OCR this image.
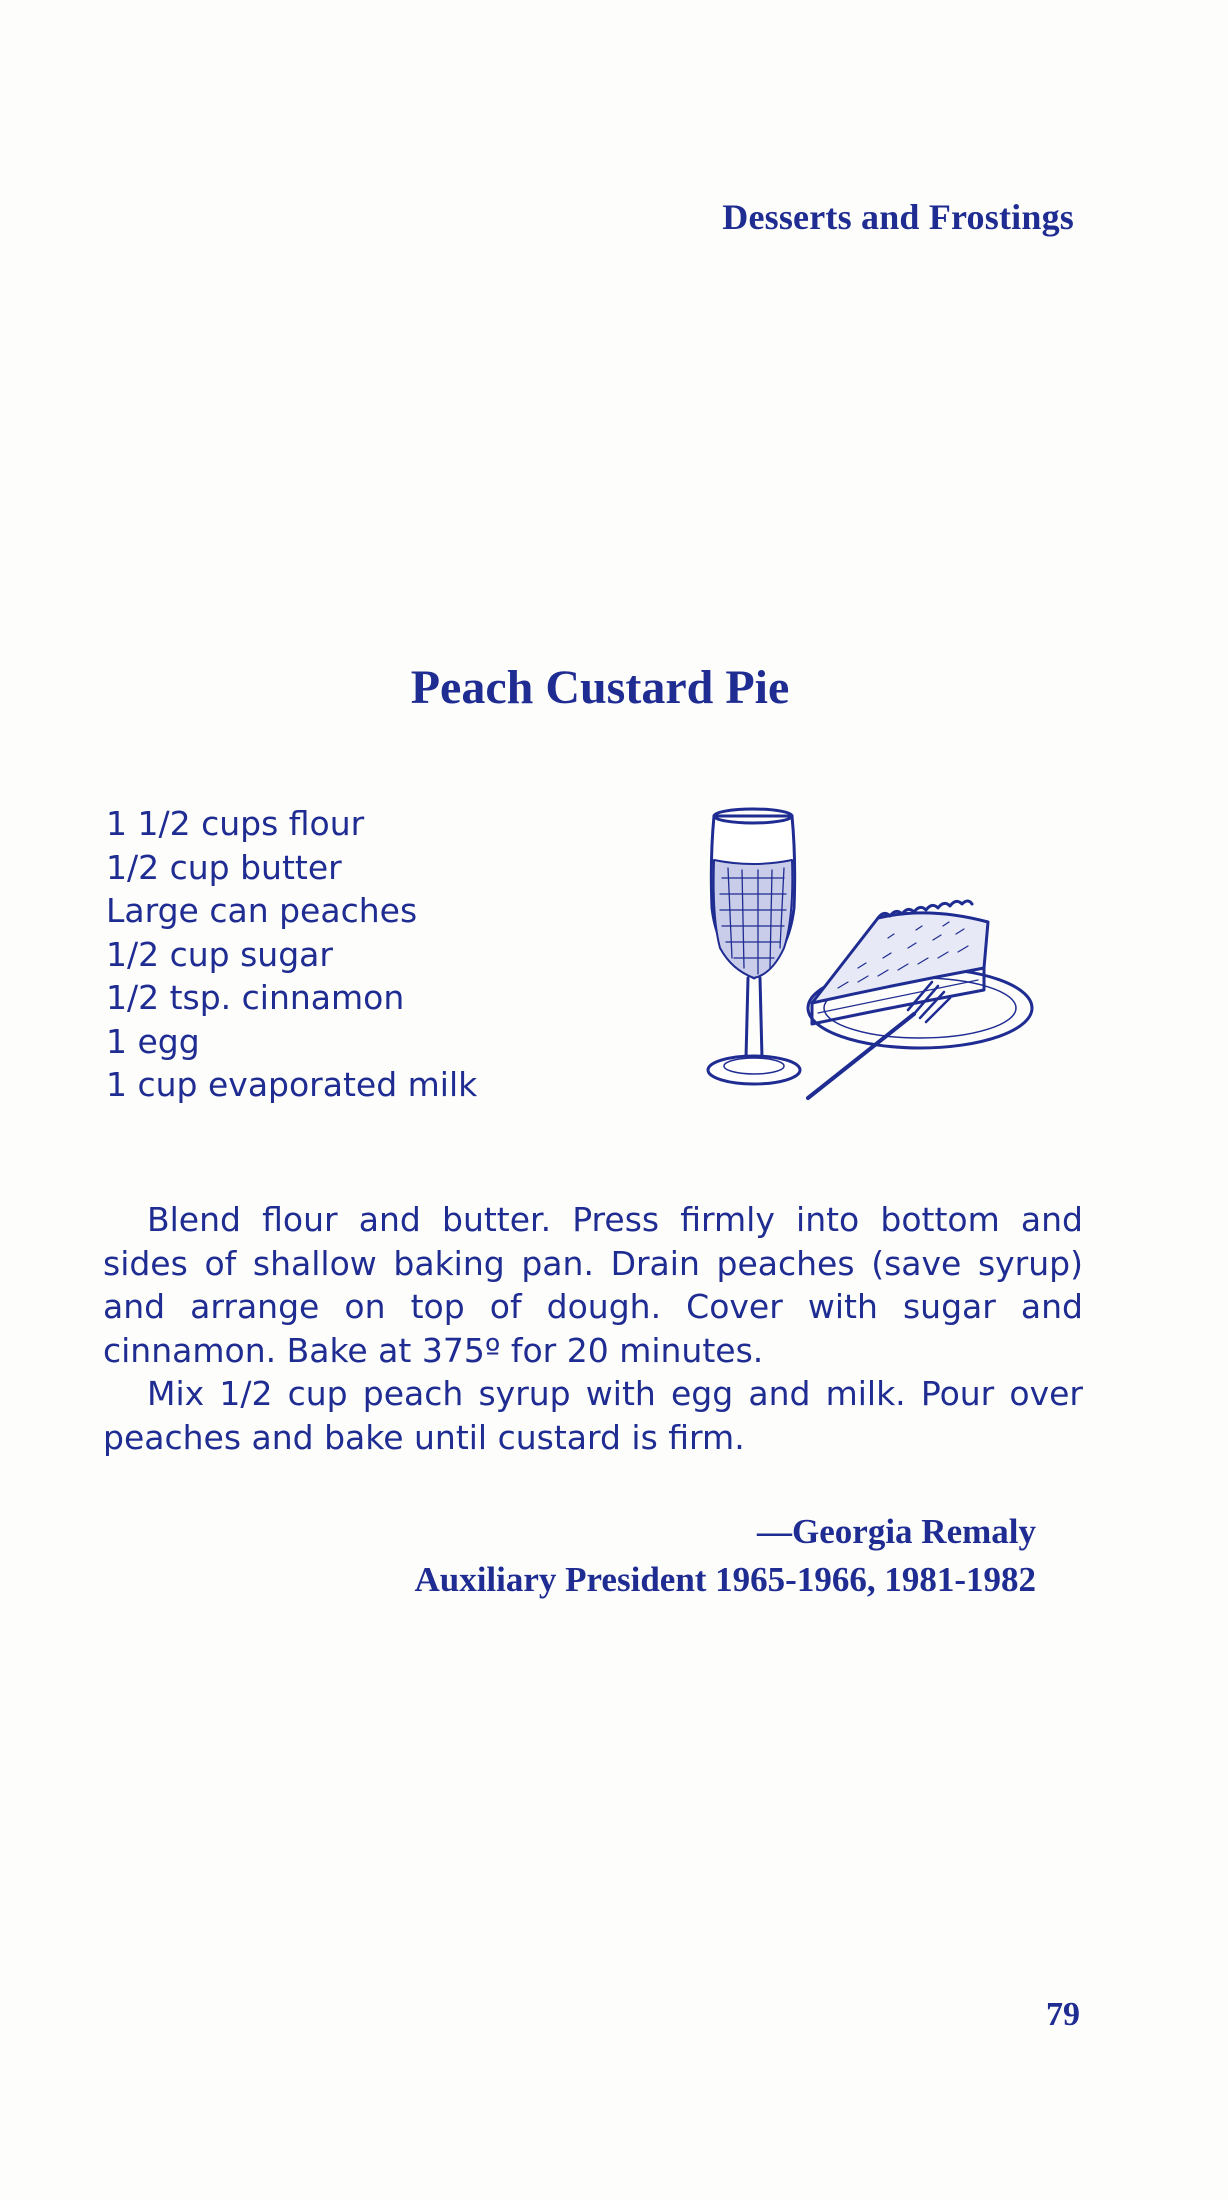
Desserts and Frostings
Peach Custard Pie
1 1/2 cups flour
1/2 cup butter
Large can peaches
1/2 cup sugar
1/2 tsp. cinnamon
1 egg
1 cup evaporated milk

Blend flour and butter. Press firmly into bottom and sides of shallow baking pan. Drain peaches (save syrup) and arrange on top of dough. Cover with sugar and cinnamon. Bake at 375º for 20 minutes.

Mix 1/2 cup peach syrup with egg and milk. Pour over peaches and bake until custard is firm.

—Georgia Remaly
Auxiliary President 1965-1966, 1981-1982
79
